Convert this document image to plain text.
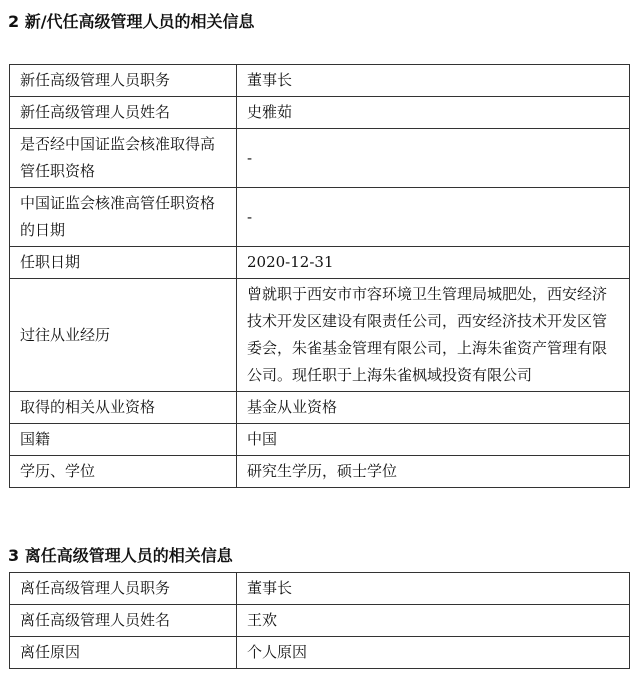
2 新/代任高级管理人员的相关信息
新任高级管理人员职务	董事长
新任高级管理人员姓名	史雅茹
是否经中国证监会核准取得高管任职资格	-
中国证监会核准高管任职资格的日期	-
任职日期	2020-12-31
过往从业经历	曾就职于西安市市容环境卫生管理局城肥处，西安经济技术开发区建设有限责任公司，西安经济技术开发区管委会，朱雀基金管理有限公司，上海朱雀资产管理有限公司。现任职于上海朱雀枫域投资有限公司
取得的相关从业资格	基金从业资格
国籍	中国
学历、学位	研究生学历，硕士学位
3 离任高级管理人员的相关信息
离任高级管理人员职务	董事长
离任高级管理人员姓名	王欢
离任原因	个人原因
